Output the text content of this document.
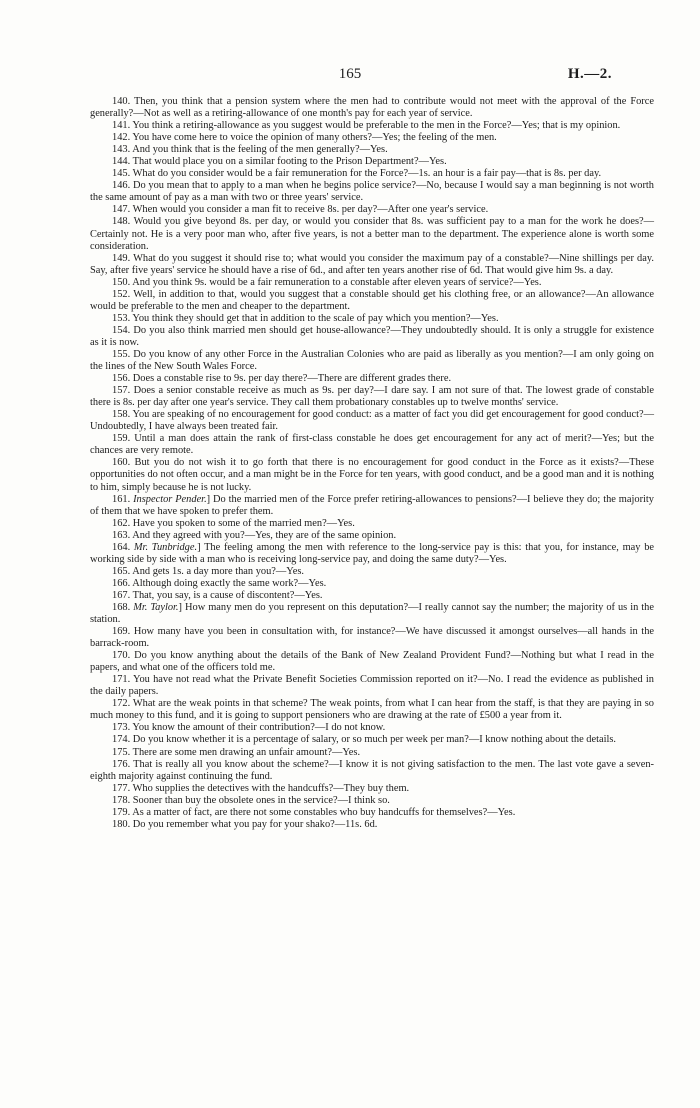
165	H.—2.

140. Then, you think that a pension system where the men had to contribute would not meet with the approval of the Force generally?—Not as well as a retiring-allowance of one month's pay for each year of service.

141. You think a retiring-allowance as you suggest would be preferable to the men in the Force?—Yes; that is my opinion.

142. You have come here to voice the opinion of many others?—Yes; the feeling of the men.

143. And you think that is the feeling of the men generally?—Yes.

144. That would place you on a similar footing to the Prison Department?—Yes.

145. What do you consider would be a fair remuneration for the Force?—1s. an hour is a fair pay—that is 8s. per day.

146. Do you mean that to apply to a man when he begins police service?—No, because I would say a man beginning is not worth the same amount of pay as a man with two or three years' service.

147. When would you consider a man fit to receive 8s. per day?—After one year's service.

148. Would you give beyond 8s. per day, or would you consider that 8s. was sufficient pay to a man for the work he does?—Certainly not. He is a very poor man who, after five years, is not a better man to the department. The experience alone is worth some consideration.

149. What do you suggest it should rise to; what would you consider the maximum pay of a constable?—Nine shillings per day. Say, after five years' service he should have a rise of 6d., and after ten years another rise of 6d. That would give him 9s. a day.

150. And you think 9s. would be a fair remuneration to a constable after eleven years of service?—Yes.

152. Well, in addition to that, would you suggest that a constable should get his clothing free, or an allowance?—An allowance would be preferable to the men and cheaper to the department.

153. You think they should get that in addition to the scale of pay which you mention?—Yes.

154. Do you also think married men should get house-allowance?—They undoubtedly should. It is only a struggle for existence as it is now.

155. Do you know of any other Force in the Australian Colonies who are paid as liberally as you mention?—I am only going on the lines of the New South Wales Force.

156. Does a constable rise to 9s. per day there?—There are different grades there.

157. Does a senior constable receive as much as 9s. per day?—I dare say. I am not sure of that. The lowest grade of constable there is 8s. per day after one year's service. They call them probationary constables up to twelve months' service.

158. You are speaking of no encouragement for good conduct: as a matter of fact you did get encouragement for good conduct?—Undoubtedly, I have always been treated fair.

159. Until a man does attain the rank of first-class constable he does get encouragement for any act of merit?—Yes; but the chances are very remote.

160. But you do not wish it to go forth that there is no encouragement for good conduct in the Force as it exists?—These opportunities do not often occur, and a man might be in the Force for ten years, with good conduct, and be a good man and it is nothing to him, simply because he is not lucky.

161. Inspector Pender.] Do the married men of the Force prefer retiring-allowances to pensions?—I believe they do; the majority of them that we have spoken to prefer them.

162. Have you spoken to some of the married men?—Yes.

163. And they agreed with you?—Yes, they are of the same opinion.

164. Mr. Tunbridge.] The feeling among the men with reference to the long-service pay is this: that you, for instance, may be working side by side with a man who is receiving long-service pay, and doing the same duty?—Yes.

165. And gets 1s. a day more than you?—Yes.

166. Although doing exactly the same work?—Yes.

167. That, you say, is a cause of discontent?—Yes.

168. Mr. Taylor.] How many men do you represent on this deputation?—I really cannot say the number; the majority of us in the station.

169. How many have you been in consultation with, for instance?—We have discussed it amongst ourselves—all hands in the barrack-room.

170. Do you know anything about the details of the Bank of New Zealand Provident Fund?—Nothing but what I read in the papers, and what one of the officers told me.

171. You have not read what the Private Benefit Societies Commission reported on it?—No. I read the evidence as published in the daily papers.

172. What are the weak points in that scheme? The weak points, from what I can hear from the staff, is that they are paying in so much money to this fund, and it is going to support pensioners who are drawing at the rate of £500 a year from it.

173. You know the amount of their contribution?—I do not know.

174. Do you know whether it is a percentage of salary, or so much per week per man?—I know nothing about the details.

175. There are some men drawing an unfair amount?—Yes.

176. That is really all you know about the scheme?—I know it is not giving satisfaction to the men. The last vote gave a seven-eighth majority against continuing the fund.

177. Who supplies the detectives with the handcuffs?—They buy them.

178. Sooner than buy the obsolete ones in the service?—I think so.

179. As a matter of fact, are there not some constables who buy handcuffs for themselves?—Yes.

180. Do you remember what you pay for your shako?—11s. 6d.
